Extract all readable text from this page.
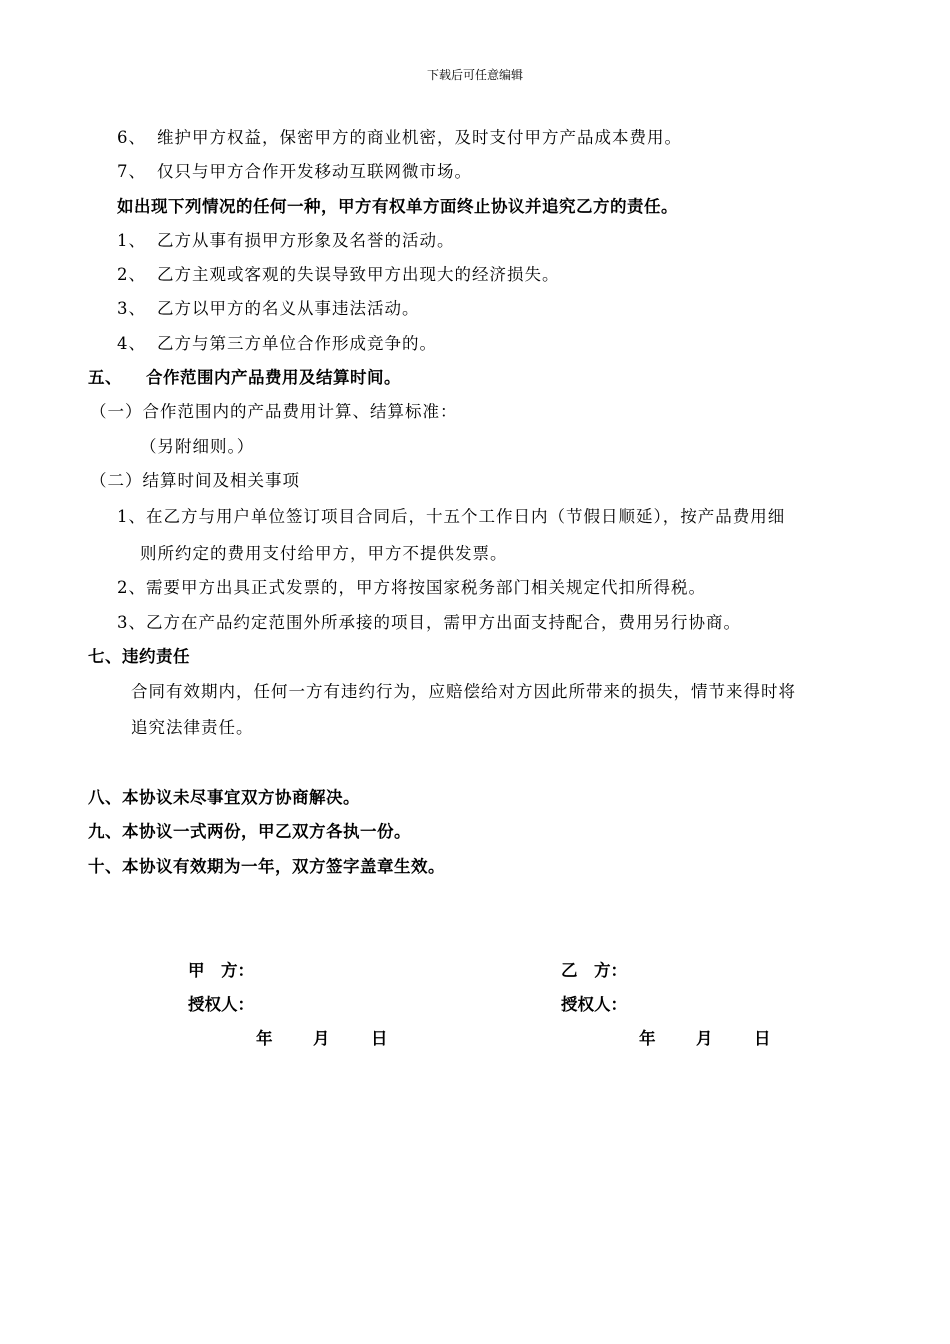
下载后可任意编辑
6、 维护甲方权益，保密甲方的商业机密，及时支付甲方产品成本费用。
7、 仅只与甲方合作开发移动互联网微市场。
如出现下列情况的任何一种，甲方有权单方面终止协议并追究乙方的责任。
1、 乙方从事有损甲方形象及名誉的活动。
2、 乙方主观或客观的失误导致甲方出现大的经济损失。
3、 乙方以甲方的名义从事违法活动。
4、 乙方与第三方单位合作形成竞争的。
五、 合作范围内产品费用及结算时间。
（一）合作范围内的产品费用计算、结算标准：
（另附细则。）
（二）结算时间及相关事项
1、在乙方与用户单位签订项目合同后，十五个工作日内（节假日顺延），按产品费用细
则所约定的费用支付给甲方，甲方不提供发票。
2、需要甲方出具正式发票的，甲方将按国家税务部门相关规定代扣所得税。
3、乙方在产品约定范围外所承接的项目，需甲方出面支持配合，费用另行协商。
七、违约责任
合同有效期内，任何一方有违约行为，应赔偿给对方因此所带来的损失，情节来得时将
追究法律责任。
八、本协议未尽事宜双方协商解决。
九、本协议一式两份，甲乙双方各执一份。
十、本协议有效期为一年，双方签字盖章生效。
甲　方：	乙　方：
授权人：	授权人：
年 月	日	年 月	日
